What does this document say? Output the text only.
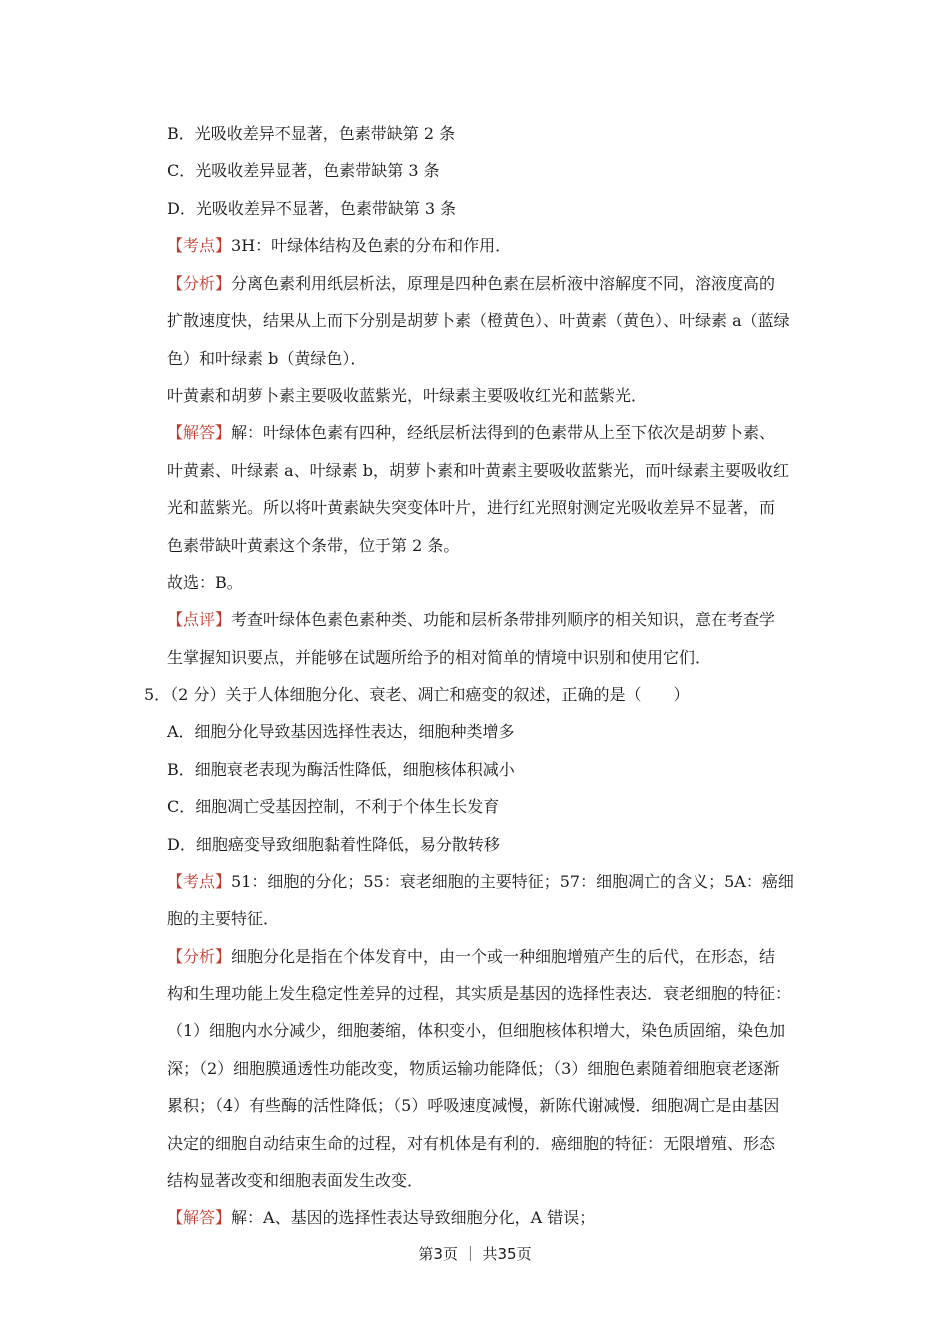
B．光吸收差异不显著，色素带缺第 2 条
C．光吸收差异显著，色素带缺第 3 条
D．光吸收差异不显著，色素带缺第 3 条
【考点】3H：叶绿体结构及色素的分布和作用．
【分析】分离色素利用纸层析法，原理是四种色素在层析液中溶解度不同，溶液度高的
扩散速度快，结果从上而下分别是胡萝卜素（橙黄色）、叶黄素（黄色）、叶绿素 a（蓝绿
色）和叶绿素 b（黄绿色）．
叶黄素和胡萝卜素主要吸收蓝紫光，叶绿素主要吸收红光和蓝紫光．
【解答】解：叶绿体色素有四种，经纸层析法得到的色素带从上至下依次是胡萝卜素、
叶黄素、叶绿素 a、叶绿素 b，胡萝卜素和叶黄素主要吸收蓝紫光，而叶绿素主要吸收红
光和蓝紫光。所以将叶黄素缺失突变体叶片，进行红光照射测定光吸收差异不显著，而
色素带缺叶黄素这个条带，位于第 2 条。
故选：B。
【点评】考查叶绿体色素色素种类、功能和层析条带排列顺序的相关知识，意在考查学
生掌握知识要点，并能够在试题所给予的相对简单的情境中识别和使用它们．
5．（2 分）关于人体细胞分化、衰老、凋亡和癌变的叙述，正确的是（　　）
A．细胞分化导致基因选择性表达，细胞种类增多
B．细胞衰老表现为酶活性降低，细胞核体积减小
C．细胞凋亡受基因控制，不利于个体生长发育
D．细胞癌变导致细胞黏着性降低，易分散转移
【考点】51：细胞的分化；55：衰老细胞的主要特征；57：细胞凋亡的含义；5A：癌细
胞的主要特征．
【分析】细胞分化是指在个体发育中，由一个或一种细胞增殖产生的后代，在形态，结
构和生理功能上发生稳定性差异的过程，其实质是基因的选择性表达．衰老细胞的特征：
（1）细胞内水分减少，细胞萎缩，体积变小，但细胞核体积增大，染色质固缩，染色加
深；（2）细胞膜通透性功能改变，物质运输功能降低；（3）细胞色素随着细胞衰老逐渐
累积；（4）有些酶的活性降低；（5）呼吸速度减慢，新陈代谢减慢．细胞凋亡是由基因
决定的细胞自动结束生命的过程，对有机体是有利的．癌细胞的特征：无限增殖、形态
结构显著改变和细胞表面发生改变．
【解答】解：A、基因的选择性表达导致细胞分化，A 错误；
第3页 ｜ 共35页
